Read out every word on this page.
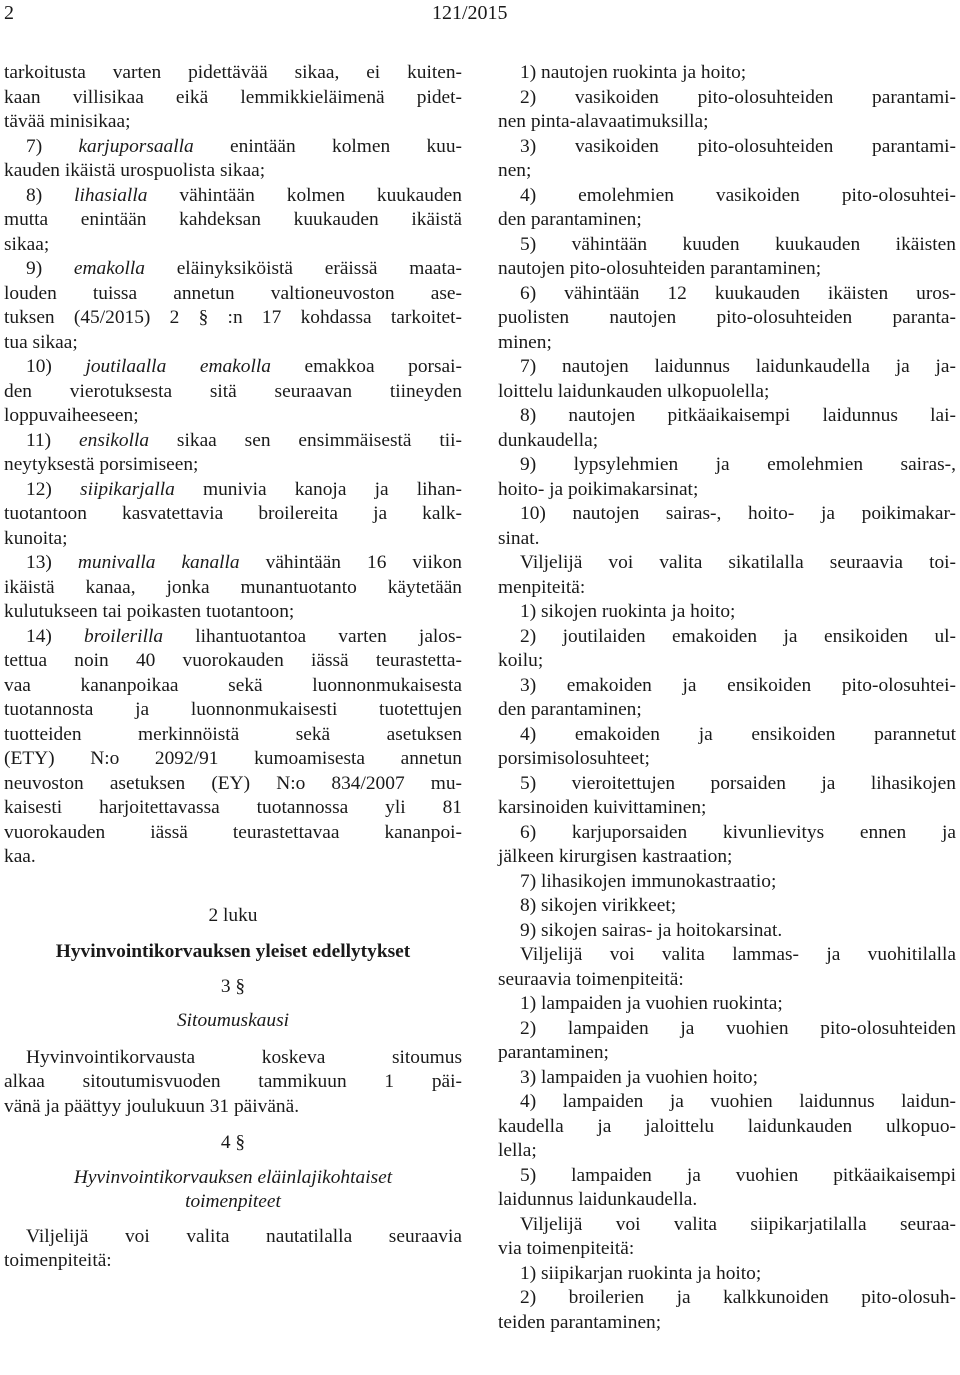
2	121/2015
tarkoitusta varten pidettävää sikaa, ei kuiten-
kaan villisikaa eikä lemmikkieläimenä pidet-
tävää minisikaa;
7) karjuporsaalla enintään kolmen kuu-
kauden ikäistä urospuolista sikaa;
8) lihasialla vähintään kolmen kuukauden
mutta enintään kahdeksan kuukauden ikäistä
sikaa;
9) emakolla eläinyksiköistä eräissä maata-
louden tuissa annetun valtioneuvoston ase-
tuksen (45/2015) 2 § :n 17 kohdassa tarkoitet-
tua sikaa;
10) joutilaalla emakolla emakkoa porsai-
den vierotuksesta sitä seuraavan tiineyden
loppuvaiheeseen;
11) ensikolla sikaa sen ensimmäisestä tii-
neytyksestä porsimiseen;
12) siipikarjalla munivia kanoja ja lihan-
tuotantoon kasvatettavia broilereita ja kalk-
kunoita;
13) munivalla kanalla vähintään 16 viikon
ikäistä kanaa, jonka munantuotanto käytetään
kulutukseen tai poikasten tuotantoon;
14) broilerilla lihantuotantoa varten jalos-
tettua noin 40 vuorokauden iässä teurastetta-
vaa kananpoikaa sekä luonnonmukaisesta
tuotannosta ja luonnonmukaisesti tuotettujen
tuotteiden merkinnöistä sekä asetuksen
(ETY) N:o 2092/91 kumoamisesta annetun
neuvoston asetuksen (EY) N:o 834/2007 mu-
kaisesti harjoitettavassa tuotannossa yli 81
vuorokauden iässä teurastettavaa kananpoi-
kaa.
2 luku
Hyvinvointikorvauksen yleiset edellytykset
3 §
Sitoumuskausi
Hyvinvointikorvausta koskeva sitoumus
alkaa sitoutumisvuoden tammikuun 1 päi-
vänä ja päättyy joulukuun 31 päivänä.
4 §
Hyvinvointikorvauksen eläinlajikohtaiset
toimenpiteet
Viljelijä voi valita nautatilalla seuraavia
toimenpiteitä:
1) nautojen ruokinta ja hoito;
2) vasikoiden pito-olosuhteiden parantami-
nen pinta-alavaatimuksilla;
3) vasikoiden pito-olosuhteiden parantami-
nen;
4) emolehmien vasikoiden pito-olosuhtei-
den parantaminen;
5) vähintään kuuden kuukauden ikäisten
nautojen pito-olosuhteiden parantaminen;
6) vähintään 12 kuukauden ikäisten uros-
puolisten nautojen pito-olosuhteiden paranta-
minen;
7) nautojen laidunnus laidunkaudella ja ja-
loittelu laidunkauden ulkopuolella;
8) nautojen pitkäaikaisempi laidunnus lai-
dunkaudella;
9) lypsylehmien ja emolehmien sairas-,
hoito- ja poikimakarsinat;
10) nautojen sairas-, hoito- ja poikimakar-
sinat.
Viljelijä voi valita sikatilalla seuraavia toi-
menpiteitä:
1) sikojen ruokinta ja hoito;
2) joutilaiden emakoiden ja ensikoiden ul-
koilu;
3) emakoiden ja ensikoiden pito-olosuhtei-
den parantaminen;
4) emakoiden ja ensikoiden parannetut
porsimisolosuhteet;
5) vieroitettujen porsaiden ja lihasikojen
karsinoiden kuivittaminen;
6) karjuporsaiden kivunlievitys ennen ja
jälkeen kirurgisen kastraation;
7) lihasikojen immunokastraatio;
8) sikojen virikkeet;
9) sikojen sairas- ja hoitokarsinat.
Viljelijä voi valita lammas- ja vuohitilalla
seuraavia toimenpiteitä:
1) lampaiden ja vuohien ruokinta;
2) lampaiden ja vuohien pito-olosuhteiden
parantaminen;
3) lampaiden ja vuohien hoito;
4) lampaiden ja vuohien laidunnus laidun-
kaudella ja jaloittelu laidunkauden ulkopuo-
lella;
5) lampaiden ja vuohien pitkäaikaisempi
laidunnus laidunkaudella.
Viljelijä voi valita siipikarjatilalla seuraa-
via toimenpiteitä:
1) siipikarjan ruokinta ja hoito;
2) broilerien ja kalkkunoiden pito-olosuh-
teiden parantaminen;
